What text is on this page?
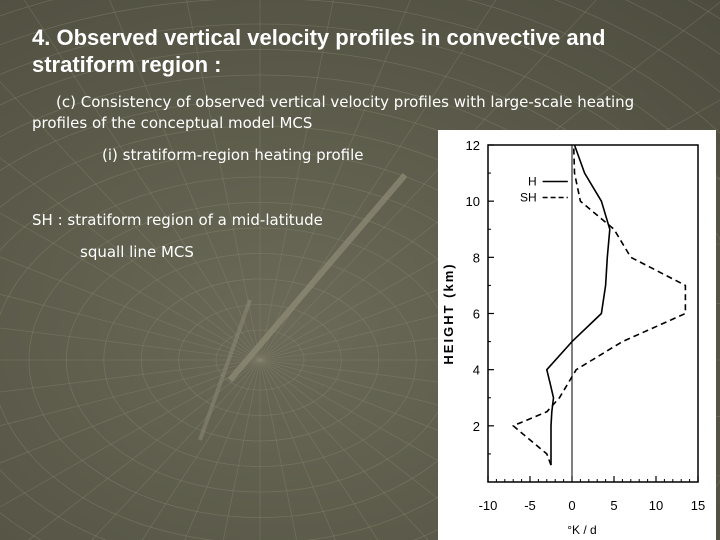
4. Observed vertical velocity profiles in convective and stratiform region :

(c) Consistency of observed vertical velocity profiles with large-scale heating profiles of the conceptual model MCS

(i) stratiform-region heating profile
SH : stratiform region of a mid-latitude
squall line MCS
-10 -5	0	5 10 15
2
4
6
8
10
12
°K / d
HEIGHT (km)
H
SH
